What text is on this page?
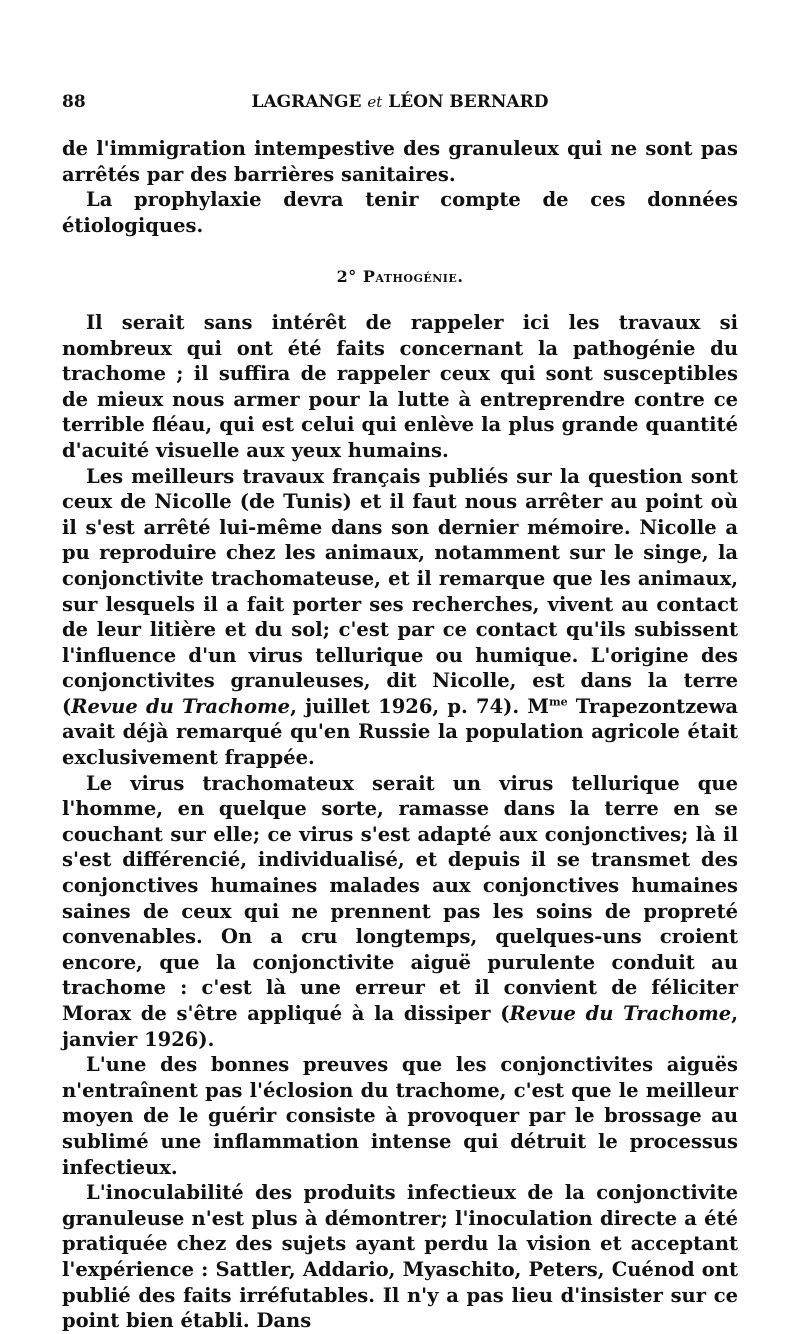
88	LAGRANGE et LÉON BERNARD

de l'immigration intempestive des granuleux qui ne sont pas arrêtés par des barrières sanitaires.

La prophylaxie devra tenir compte de ces données étiologiques.

2° Pathogénie.

Il serait sans intérêt de rappeler ici les travaux si nombreux qui ont été faits concernant la pathogénie du trachome ; il suffira de rappeler ceux qui sont susceptibles de mieux nous armer pour la lutte à entreprendre contre ce terrible fléau, qui est celui qui enlève la plus grande quantité d'acuité visuelle aux yeux humains.

Les meilleurs travaux français publiés sur la question sont ceux de Nicolle (de Tunis) et il faut nous arrêter au point où il s'est arrêté lui-même dans son dernier mémoire. Nicolle a pu reproduire chez les animaux, notamment sur le singe, la conjonctivite trachomateuse, et il remarque que les animaux, sur lesquels il a fait porter ses recherches, vivent au contact de leur litière et du sol; c'est par ce contact qu'ils subissent l'influence d'un virus tellurique ou humique. L'origine des conjonctivites granuleuses, dit Nicolle, est dans la terre (Revue du Trachome, juillet 1926, p. 74). $M^{me}$ Trapezontzewa avait déjà remarqué qu'en Russie la population agricole était exclusivement frappée.

Le virus trachomateux serait un virus tellurique que l'homme, en quelque sorte, ramasse dans la terre en se couchant sur elle; ce virus s'est adapté aux conjonctives; là il s'est différencié, individualisé, et depuis il se transmet des conjonctives humaines malades aux conjonctives humaines saines de ceux qui ne prennent pas les soins de propreté convenables. On a cru longtemps, quelques-uns croient encore, que la conjonctivite aiguë purulente conduit au trachome : c'est là une erreur et il convient de féliciter Morax de s'être appliqué à la dissiper (Revue du Trachome, janvier 1926).

L'une des bonnes preuves que les conjonctivites aiguës n'entraînent pas l'éclosion du trachome, c'est que le meilleur moyen de le guérir consiste à provoquer par le brossage au sublimé une inflammation intense qui détruit le processus infectieux.

L'inoculabilité des produits infectieux de la conjonctivite granuleuse n'est plus à démontrer; l'inoculation directe a été pratiquée chez des sujets ayant perdu la vision et acceptant l'expérience : Sattler, Addario, Myaschito, Peters, Cuénod ont publié des faits irréfutables. Il n'y a pas lieu d'insister sur ce point bien établi. Dans
